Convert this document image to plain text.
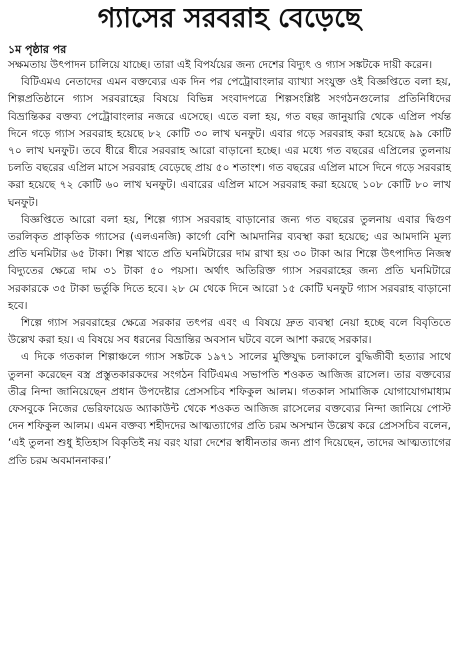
গ্যাসের সরবরাহ বেড়েছে
১ম পৃষ্ঠার পর

সক্ষমতায় উৎপাদন চালিয়ে যাচ্ছে। তারা এই বিপর্যয়ের জন্য দেশের বিদ্যুৎ ও গ্যাস সঙ্কটকে দায়ী করেন।

বিটিএমএ নেতাদের এমন বক্তব্যের এক দিন পর পেট্রোবাংলার ব্যাখ্যা সংযুক্ত ওই বিজ্ঞপ্তিতে বলা হয়, শিল্পপ্রতিষ্ঠানে গ্যাস সরবরাহের বিষয়ে বিভিন্ন সংবাদপত্রে শিল্পসংশ্লিষ্ট সংগঠনগুলোর প্রতিনিধিদের বিভ্রান্তিকর বক্তব্য পেট্রোবাংলার নজরে এসেছে। এতে বলা হয়, গত বছর জানুয়ারি থেকে এপ্রিল পর্যন্ত দিনে গড়ে গ্যাস সরবরাহ হয়েছে ৮২ কোটি ৩০ লাখ ঘনফুট। এবার গড়ে সরবরাহ করা হয়েছে ৯৯ কোটি ৭০ লাখ ঘনফুট। তবে ধীরে ধীরে সরবরাহ আরো বাড়ানো হচ্ছে। এর মধ্যে গত বছরের এপ্রিলের তুলনায় চলতি বছরের এপ্রিল মাসে সরবরাহ বেড়েছে প্রায় ৫০ শতাংশ। গত বছরের এপ্রিল মাসে দিনে গড়ে সরবরাহ করা হয়েছে ৭২ কোটি ৬০ লাখ ঘনফুট। এবারের এপ্রিল মাসে সরবরাহ করা হয়েছে ১০৮ কোটি ৮০ লাখ ঘনফুট।

বিজ্ঞপ্তিতে আরো বলা হয়, শিল্পে গ্যাস সরবরাহ বাড়ানোর জন্য গত বছরের তুলনায় এবার দ্বিগুণ তরলিকৃত প্রাকৃতিক গ্যাসের (এলএনজি) কার্গো বেশি আমদানির ব্যবস্থা করা হয়েছে; এর আমদানি মূল্য প্রতি ঘনমিটার ৬৫ টাকা। শিল্প খাতে প্রতি ঘনমিটারের দাম রাখা হয় ৩০ টাকা আর শিল্পে উৎপাদিত নিজস্ব বিদ্যুতের ক্ষেত্রে দাম ৩১ টাকা ৫০ পয়সা। অর্থাৎ অতিরিক্ত গ্যাস সরবরাহের জন্য প্রতি ঘনমিটারে সরকারকে ৩৫ টাকা ভর্তুকি দিতে হবে। ২৮ মে থেকে দিনে আরো ১৫ কোটি ঘনফুট গ্যাস সরবরাহ বাড়ানো হবে।

শিল্পে গ্যাস সরবরাহের ক্ষেত্রে সরকার তৎপর এবং এ বিষয়ে দ্রুত ব্যবস্থা নেয়া হচ্ছে বলে বিবৃতিতে উল্লেখ করা হয়। এ বিষয়ে সব ধরনের বিভ্রান্তির অবসান ঘটবে বলে আশা করছে সরকার।

এ দিকে গতকাল শিল্পাঞ্চলে গ্যাস সঙ্কটকে ১৯৭১ সালের মুক্তিযুদ্ধ চলাকালে বুদ্ধিজীবী হত্যার সাথে তুলনা করেছেন বস্ত্র প্রস্তুতকারকদের সংগঠন বিটিএমএ সভাপতি শওকত আজিজ রাসেল। তার বক্তব্যের তীব্র নিন্দা জানিয়েছেন প্রধান উপদেষ্টার প্রেসসচিব শফিকুল আলম। গতকাল সামাজিক যোগাযোগমাধ্যম ফেসবুকে নিজের ভেরিফায়েড অ্যাকাউন্ট থেকে শওকত আজিজ রাসেলের বক্তব্যের নিন্দা জানিয়ে পোস্ট দেন শফিকুল আলম। এমন বক্তব্য শহীদদের আত্মত্যাগের প্রতি চরম অসম্মান উল্লেখ করে প্রেসসচিব বলেন, ‘এই তুলনা শুধু ইতিহাস বিকৃতিই নয় বরং যারা দেশের স্বাধীনতার জন্য প্রাণ দিয়েছেন, তাদের আত্মত্যাগের প্রতি চরম অবমাননাকর।’
